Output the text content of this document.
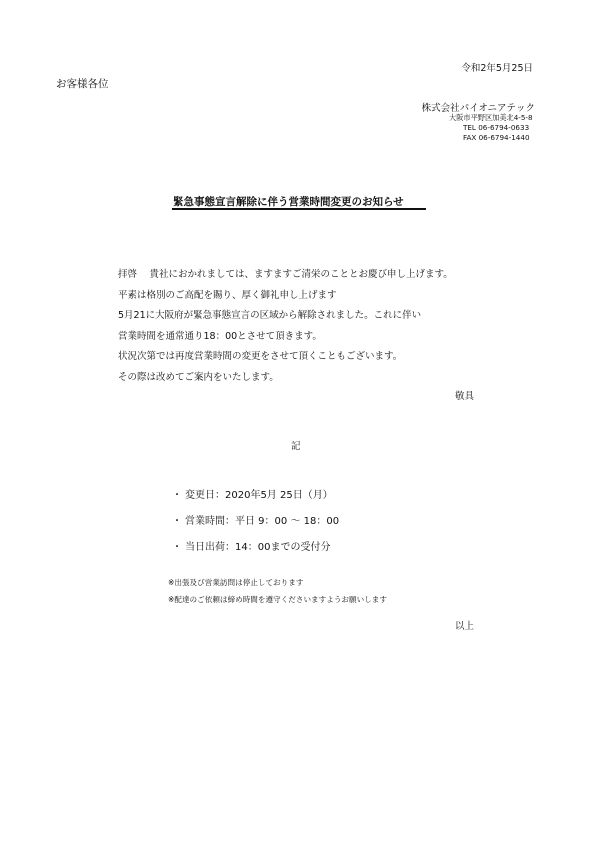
令和2年5月25日
お客様各位
株式会社パイオニアテック
大阪市平野区加美北4-5-8
TEL 06-6794-0633
FAX 06-6794-1440
緊急事態宣言解除に伴う営業時間変更のお知らせ
拝啓　 貴社におかれましては、ますますご清栄のこととお慶び申し上げます。
平素は格別のご高配を賜り、厚く御礼申し上げます
5月21に大阪府が緊急事態宣言の区域から解除されました。これに伴い
営業時間を通常通り18：00とさせて頂きます。
状況次第では再度営業時間の変更をさせて頂くこともございます。
その際は改めてご案内をいたします。
敬具
記
・ 変更日：2020年5月 25日（月）
・ 営業時間：平日 9：00 ～ 18：00
・ 当日出荷：14：00までの受付分
※出張及び営業訪問は停止しております
※配達のご依頼は締め時間を遵守くださいますようお願いします
以上
